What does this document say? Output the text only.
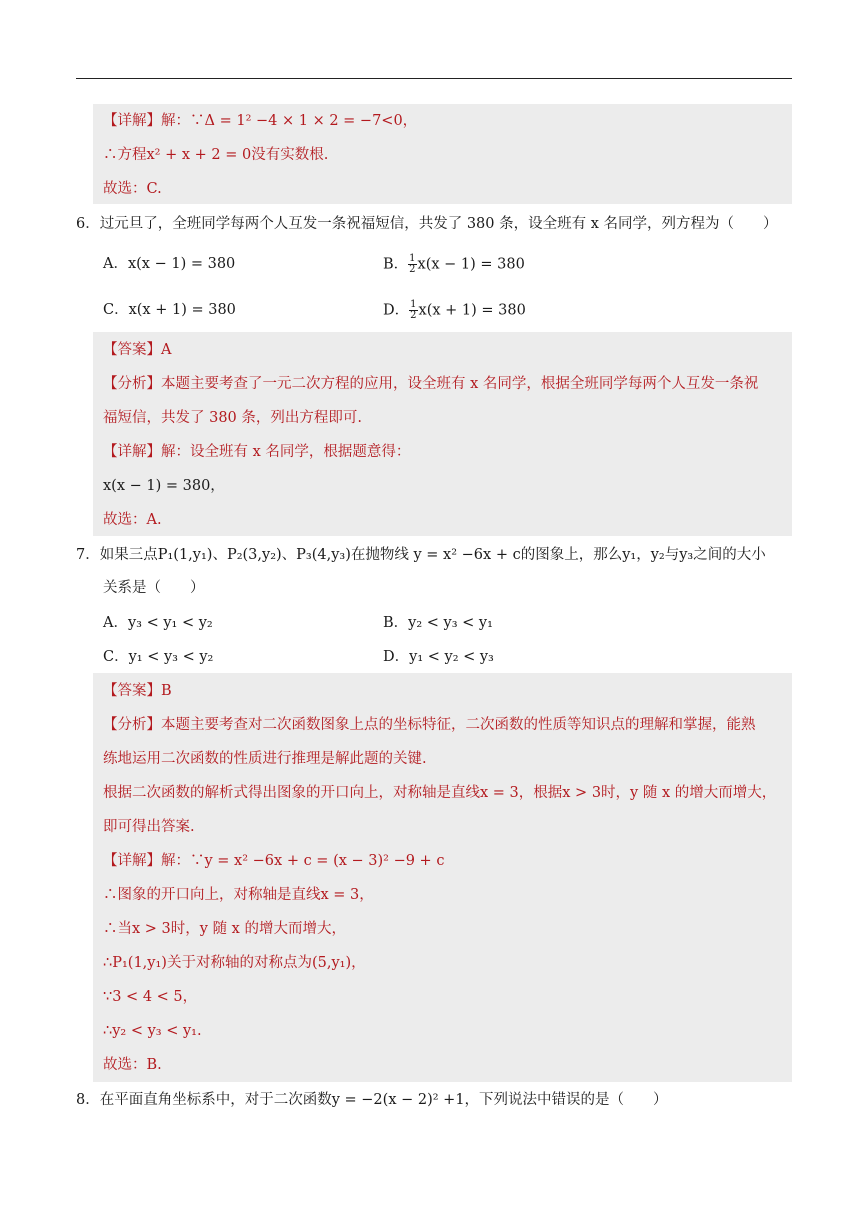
【详解】解：∵Δ = 1² −4 × 1 × 2 = −7<0，
∴方程x² + x + 2 = 0没有实数根.
故选：C.
6．过元旦了，全班同学每两个人互发一条祝福短信，共发了 380 条，设全班有 x 名同学，列方程为（　　）
A．x(x − 1) = 380	B． $\frac{1}{2} x(x - 1) = 380$
C．x(x + 1) = 380	D． $\frac{1}{2} x(x + 1) = 380$
【答案】A
【分析】本题主要考查了一元二次方程的应用，设全班有 x 名同学，根据全班同学每两个人互发一条祝
福短信，共发了 380 条，列出方程即可.
【详解】解：设全班有 x 名同学，根据题意得：
x(x − 1) = 380，
故选：A.
7．如果三点P₁(1,y₁)、P₂(3,y₂)、P₃(4,y₃)在抛物线 y = x² −6x + c的图象上，那么y₁，y₂与y₃之间的大小
关系是（　　）
A．y₃ < y₁ < y₂	B．y₂ < y₃ < y₁
C．y₁ < y₃ < y₂	D．y₁ < y₂ < y₃
【答案】B
【分析】本题主要考查对二次函数图象上点的坐标特征，二次函数的性质等知识点的理解和掌握，能熟
练地运用二次函数的性质进行推理是解此题的关键.
根据二次函数的解析式得出图象的开口向上，对称轴是直线x = 3，根据x > 3时，y 随 x 的增大而增大，
即可得出答案.
【详解】解：∵y = x² −6x + c = (x − 3)² −9 + c
∴图象的开口向上，对称轴是直线x = 3，
∴当x > 3时，y 随 x 的增大而增大，
∴P₁(1,y₁)关于对称轴的对称点为(5,y₁)，
∵3 < 4 < 5，
∴y₂ < y₃ < y₁.
故选：B.
8．在平面直角坐标系中，对于二次函数y = −2(x − 2)² +1，下列说法中错误的是（　　）
